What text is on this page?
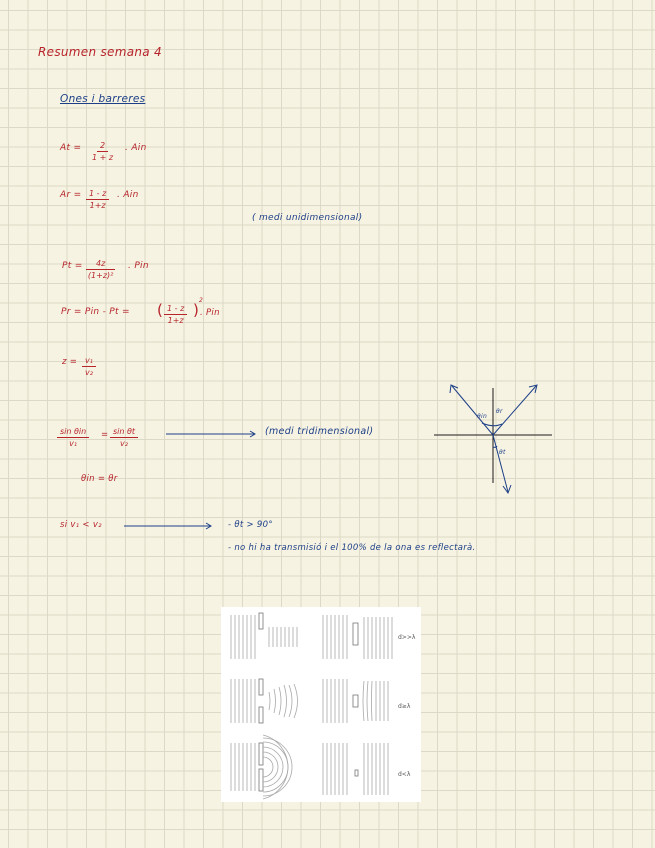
Resumen semana 4
Ones i barreres
$At = \frac{2}{1 + z}$ . Ain
$Ar = \frac{1 - z}{1+z}$ . Ain
( medi unidimensional)
$Pt = \frac{4z}{\text{(1+z)²}}$ . Pin
Pr = Pin - Pt = ( $\frac{1 - z}{1+z}$ )
2
. Pin
$z = \frac{\text{v₁}}{\text{v₂}}$
sin θin
v₁
= $\frac{\text{sin θt}}{\text{v₂}}$	(medi tridimensional)
θin
θr
θt
θin = θr
si v₁ < v₂	- θt > 90°
- no hi ha transmisió i el 100% de la ona es reflectarà.
d>>λ
d≥λ
d<λ
